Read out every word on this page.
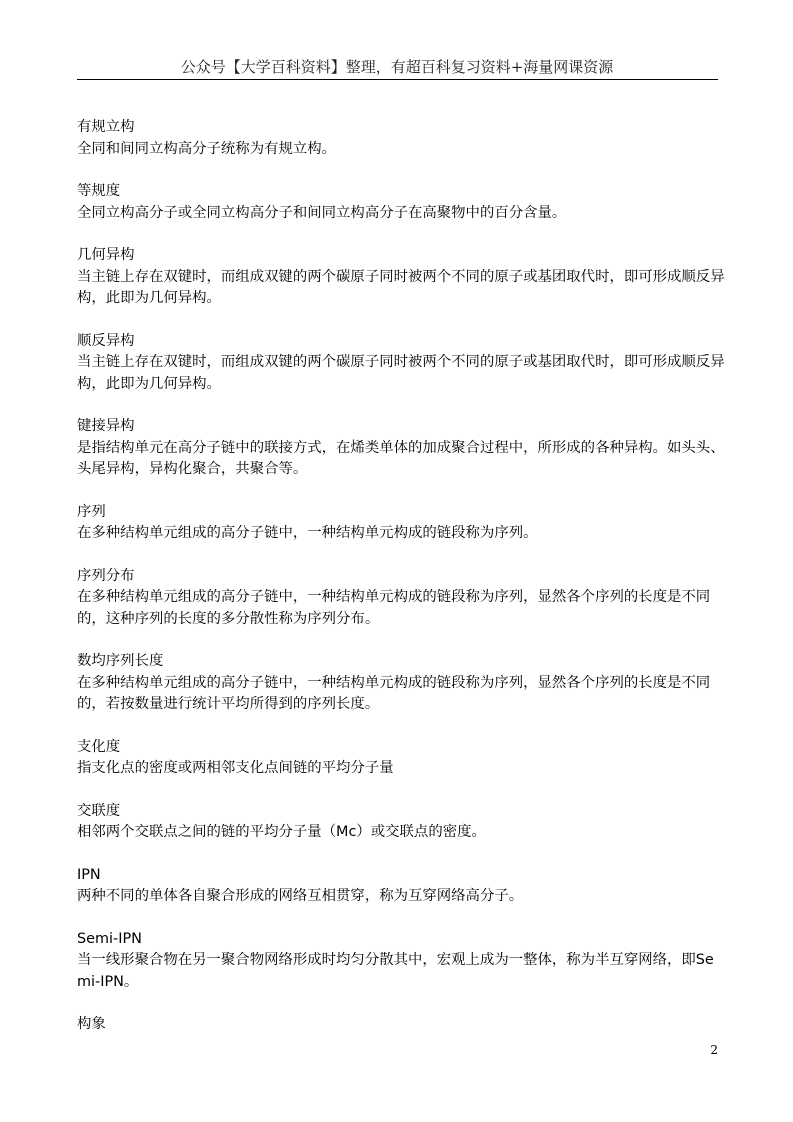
公众号【大学百科资料】整理，有超百科复习资料+海量网课资源

有规立构

全同和间同立构高分子统称为有规立构。

等规度

全同立构高分子或全同立构高分子和间同立构高分子在高聚物中的百分含量。

几何异构

当主链上存在双键时，而组成双键的两个碳原子同时被两个不同的原子或基团取代时，即可形成顺反异构，此即为几何异构。

顺反异构

当主链上存在双键时，而组成双键的两个碳原子同时被两个不同的原子或基团取代时，即可形成顺反异构，此即为几何异构。

键接异构

是指结构单元在高分子链中的联接方式，在烯类单体的加成聚合过程中，所形成的各种异构。如头头、头尾异构，异构化聚合，共聚合等。

序列

在多种结构单元组成的高分子链中，一种结构单元构成的链段称为序列。

序列分布

在多种结构单元组成的高分子链中，一种结构单元构成的链段称为序列，显然各个序列的长度是不同的，这种序列的长度的多分散性称为序列分布。

数均序列长度

在多种结构单元组成的高分子链中，一种结构单元构成的链段称为序列，显然各个序列的长度是不同的，若按数量进行统计平均所得到的序列长度。

支化度

指支化点的密度或两相邻支化点间链的平均分子量

交联度

相邻两个交联点之间的链的平均分子量（Mc）或交联点的密度。

IPN

两种不同的单体各自聚合形成的网络互相贯穿，称为互穿网络高分子。

Semi-IPN

当一线形聚合物在另一聚合物网络形成时均匀分散其中，宏观上成为一整体，称为半互穿网络，即Semi-IPN。

构象

2
